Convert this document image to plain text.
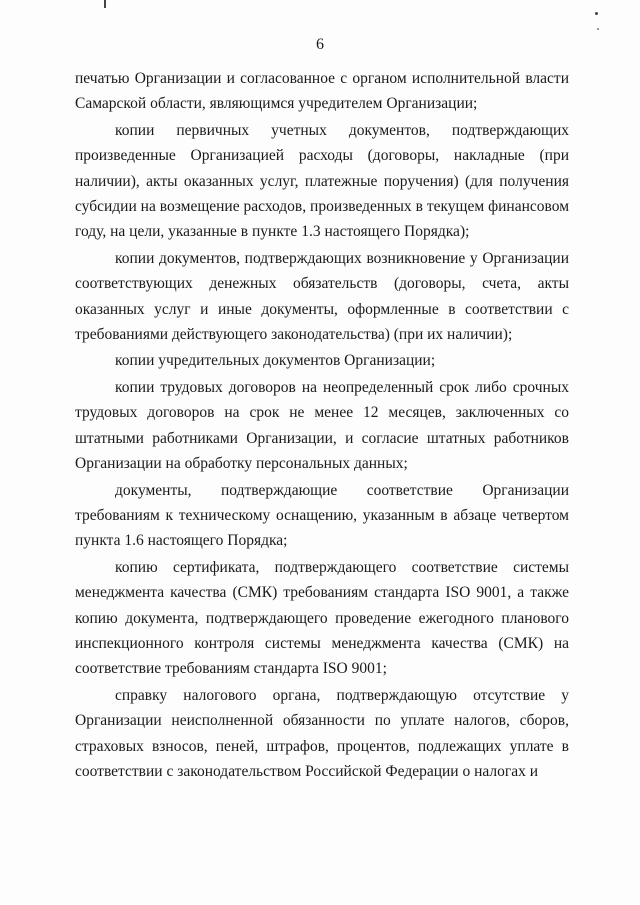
6

печатью Организации и согласованное с органом исполнительной власти Самарской области, являющимся учредителем Организации;

копии первичных учетных документов, подтверждающих произведенные Организацией расходы (договоры, накладные (при наличии), акты оказанных услуг, платежные поручения) (для получения субсидии на возмещение расходов, произведенных в текущем финансовом году, на цели, указанные в пункте 1.3 настоящего Порядка);

копии документов, подтверждающих возникновение у Организации соответствующих денежных обязательств (договоры, счета, акты оказанных услуг и иные документы, оформленные в соответствии с требованиями действующего законодательства) (при их наличии);

копии учредительных документов Организации;

копии трудовых договоров на неопределенный срок либо срочных трудовых договоров на срок не менее 12 месяцев, заключенных со штатными работниками Организации, и согласие штатных работников Организации на обработку персональных данных;

документы, подтверждающие соответствие Организации требованиям к техническому оснащению, указанным в абзаце четвертом пункта 1.6 настоящего Порядка;

копию сертификата, подтверждающего соответствие системы менеджмента качества (СМК) требованиям стандарта ISO 9001, а также копию документа, подтверждающего проведение ежегодного планового инспекционного контроля системы менеджмента качества (СМК) на соответствие требованиям стандарта ISO 9001;

справку налогового органа, подтверждающую отсутствие у Организации неисполненной обязанности по уплате налогов, сборов, страховых взносов, пеней, штрафов, процентов, подлежащих уплате в соответствии с законодательством Российской Федерации о налогах и
